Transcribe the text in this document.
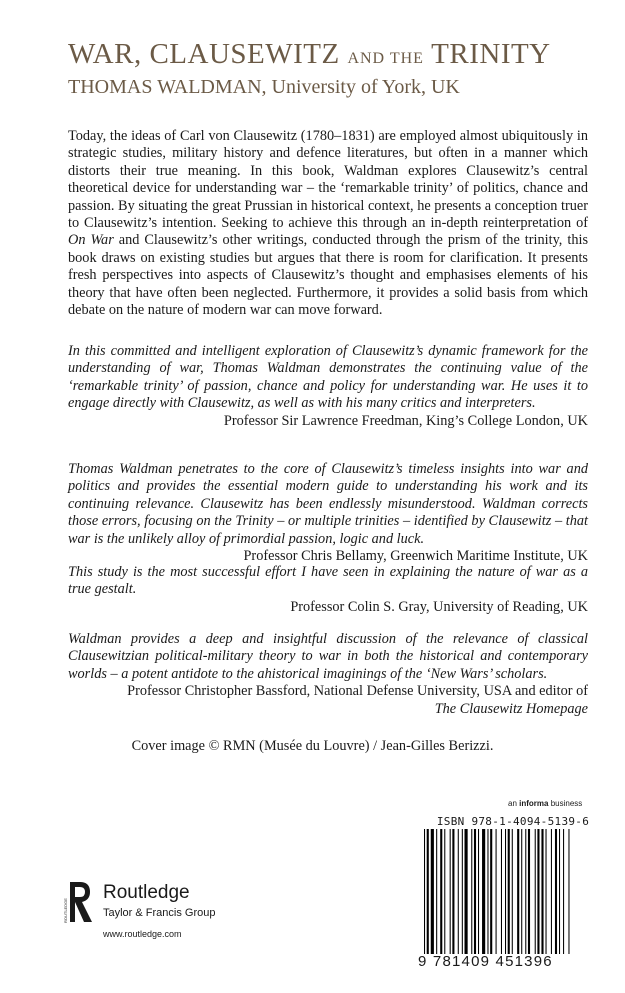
WAR, CLAUSEWITZ AND THE TRINITY
THOMAS WALDMAN, University of York, UK

Today, the ideas of Carl von Clausewitz (1780–1831) are employed almost ubiquitously in strategic studies, military history and defence literatures, but often in a manner which distorts their true meaning. In this book, Waldman explores Clausewitz’s central theoretical device for understanding war – the ‘remarkable trinity’ of politics, chance and passion. By situating the great Prussian in historical context, he presents a conception truer to Clausewitz’s intention. Seeking to achieve this through an in-depth reinterpretation of On War and Clausewitz’s other writings, conducted through the prism of the trinity, this book draws on existing studies but argues that there is room for clarification. It presents fresh perspectives into aspects of Clausewitz’s thought and emphasises elements of his theory that have often been neglected. Furthermore, it provides a solid basis from which debate on the nature of modern war can move forward.

In this committed and intelligent exploration of Clausewitz’s dynamic framework for the understanding of war, Thomas Waldman demonstrates the continuing value of the ‘remarkable trinity’ of passion, chance and policy for understanding war. He uses it to engage directly with Clausewitz, as well as with his many critics and interpreters.

Professor Sir Lawrence Freedman, King’s College London, UK

Thomas Waldman penetrates to the core of Clausewitz’s timeless insights into war and politics and provides the essential modern guide to understanding his work and its continuing relevance. Clausewitz has been endlessly misunderstood. Waldman corrects those errors, focusing on the Trinity – or multiple trinities – identified by Clausewitz – that war is the unlikely alloy of primordial passion, logic and luck.

Professor Chris Bellamy, Greenwich Maritime Institute, UK

This study is the most successful effort I have seen in explaining the nature of war as a true gestalt.

Professor Colin S. Gray, University of Reading, UK

Waldman provides a deep and insightful discussion of the relevance of classical Clausewitzian political-military theory to war in both the historical and contemporary worlds – a potent antidote to the ahistorical imaginings of the ‘New Wars’ scholars.

Professor Christopher Bassford, National Defense University, USA and editor of

The Clausewitz Homepage

Cover image © RMN (Musée du Louvre) / Jean-Gilles Berizzi.
an informa business
ISBN 978-1-4094-5139-6
9 781409 451396
ROUTLEDGE
Routledge
Taylor & Francis Group
www.routledge.com
